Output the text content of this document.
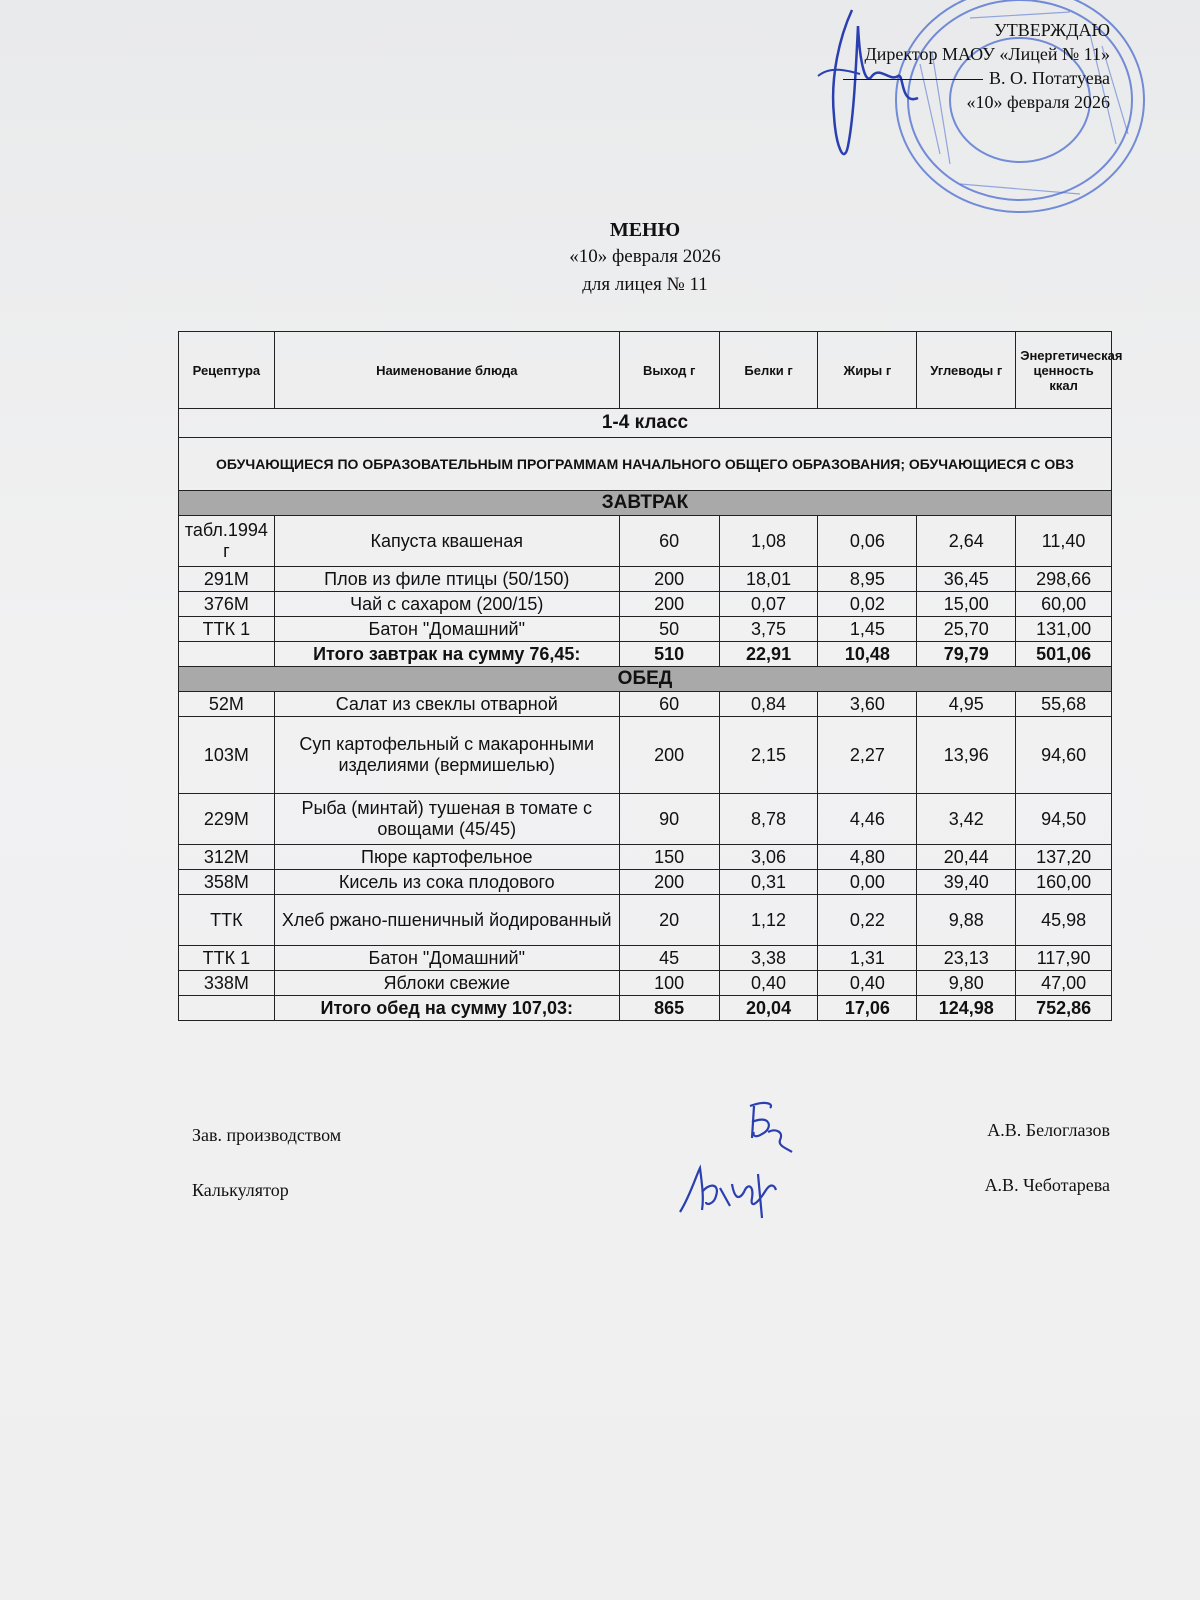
УТВЕРЖДАЮ
Директор МАОУ «Лицей № 11»
В. О. Потатуева
«10» февраля 2026
МЕНЮ
«10» февраля 2026
для лицея № 11
Рецептура	Наименование блюда	Выход г	Белки г	Жиры г	Углеводы г	Энергетическая ценность ккал
1-4 класс						
ОБУЧАЮЩИЕСЯ ПО ОБРАЗОВАТЕЛЬНЫМ ПРОГРАММАМ НАЧАЛЬНОГО ОБЩЕГО ОБРАЗОВАНИЯ; ОБУЧАЮЩИЕСЯ С ОВЗ						
ЗАВТРАК						
табл.1994 г	Капуста квашеная	60	1,08	0,06	2,64	11,40
291М	Плов из филе птицы (50/150)	200	18,01	8,95	36,45	298,66
376М	Чай с сахаром (200/15)	200	0,07	0,02	15,00	60,00
ТТК 1	Батон "Домашний"	50	3,75	1,45	25,70	131,00
	Итого завтрак на сумму 76,45:	510	22,91	10,48	79,79	501,06
ОБЕД						
52М	Салат из свеклы отварной	60	0,84	3,60	4,95	55,68
103М	Суп картофельный с макаронными изделиями (вермишелью)	200	2,15	2,27	13,96	94,60
229М	Рыба (минтай) тушеная в томате с овощами (45/45)	90	8,78	4,46	3,42	94,50
312М	Пюре картофельное	150	3,06	4,80	20,44	137,20
358М	Кисель из сока плодового	200	0,31	0,00	39,40	160,00
ТТК	Хлеб ржано-пшеничный йодированный	20	1,12	0,22	9,88	45,98
ТТК 1	Батон "Домашний"	45	3,38	1,31	23,13	117,90
338М	Яблоки свежие	100	0,40	0,40	9,80	47,00
	Итого обед на сумму 107,03:	865	20,04	17,06	124,98	752,86
Зав. производством	А.В. Белоглазов
Калькулятор	А.В. Чеботарева
